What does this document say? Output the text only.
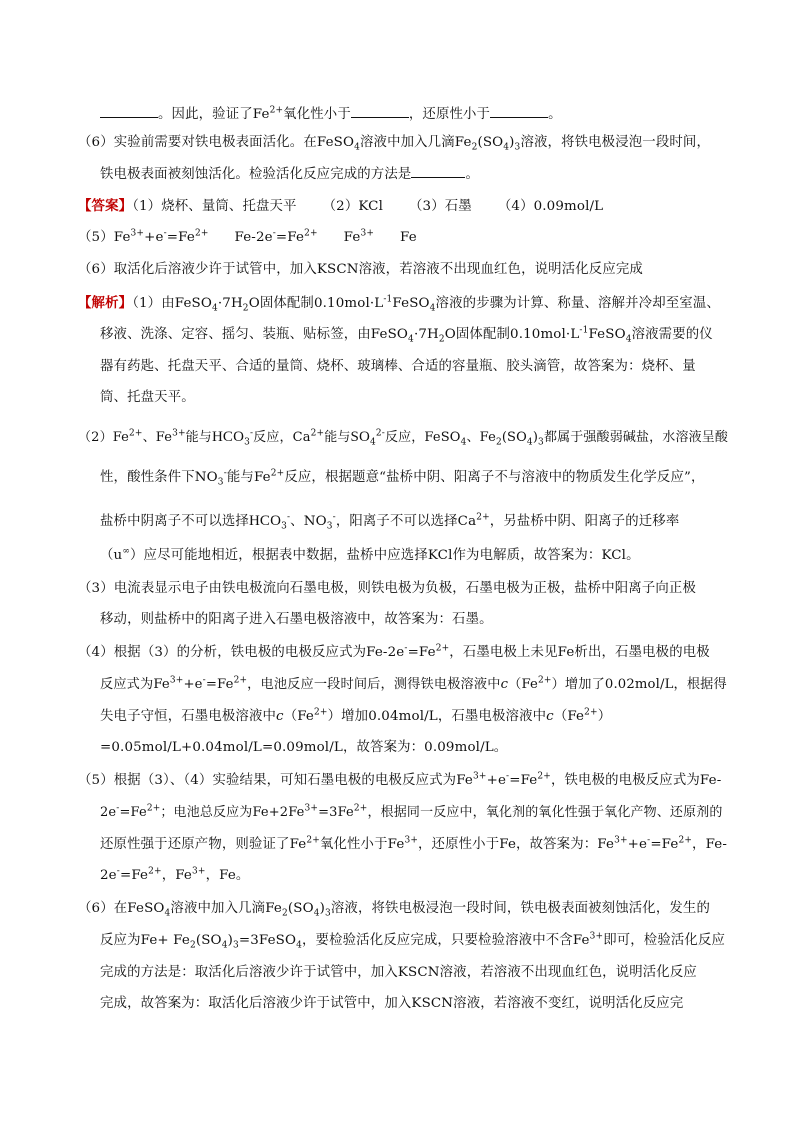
。因此，验证了$Fe^{2+}$氧化性小于	，还原性小于	。
（6）实验前需要对铁电极表面活化。在FeSO$_4$溶液中加入几滴$Fe_2(SO_4)_3$溶液，将铁电极浸泡一段时间，
铁电极表面被刻蚀活化。检验活化反应完成的方法是	。
【答案】（1）烧杯、量筒、托盘天平 （2）KCl （3）石墨 （4）0.09mol/L
$(5)Fe^{3+}+e^-=Fe^{2+}$ $Fe-2e^-=Fe^{2+}$ $Fe^{3+}$ Fe
（6）取活化后溶液少许于试管中，加入KSCN溶液，若溶液不出现血红色，说明活化反应完成
【解析】（1）由$FeSO_4\cdot 7H_2O$固体配制$0.10mol\cdot L^{-1}FeSO_4$溶液的步骤为计算、称量、溶解并冷却至室温、
移液、洗涤、定容、摇匀、装瓶、贴标签，由$FeSO_4\cdot 7H_2O$固体配制$0.10mol\cdot L^{-1}FeSO_4$溶液需要的仪
器有药匙、托盘天平、合适的量筒、烧杯、玻璃棒、合适的容量瓶、胶头滴管，故答案为：烧杯、量
筒、托盘天平。
$(2)Fe^{2+}$、$Fe^{3+}$能与$HCO_3^-$反应，$Ca^{2+}$能与$SO_4^{2-}$反应，FeSO$_4$、$Fe_2(SO_4)_3$都属于强酸弱碱盐，水溶液呈酸
性，酸性条件下$NO_3^-$能与$Fe^{2+}$反应，根据题意“盐桥中阴、阳离子不与溶液中的物质发生化学反应”，
盐桥中阴离子不可以选择$HCO_3^-$、$NO_3^-$，阳离子不可以选择$Ca^{2+}$，另盐桥中阴、阳离子的迁移率
（u∞）应尽可能地相近，根据表中数据，盐桥中应选择KCl作为电解质，故答案为：KCl。
（3）电流表显示电子由铁电极流向石墨电极，则铁电极为负极，石墨电极为正极，盐桥中阳离子向正极
移动，则盐桥中的阳离子进入石墨电极溶液中，故答案为：石墨。
（4）根据（3）的分析，铁电极的电极反应式为$Fe-2e^-=Fe^{2+}$，石墨电极上未见Fe析出，石墨电极的电极
反应式为$Fe^{3+}+e^-=Fe^{2+}$，电池反应一段时间后，测得铁电极溶液中$c(Fe^{2+})$增加了0.02mol/L，根据得
失电子守恒，石墨电极溶液中$c(Fe^{2+})$增加0.04mol/L，石墨电极溶液中$c(Fe^{2+})$
=0.05mol/L+0.04mol/L=0.09mol/L，故答案为：0.09mol/L。
（5）根据（3）、（4）实验结果，可知石墨电极的电极反应式为$Fe^{3+}+e^-=Fe^{2+}$，铁电极的电极反应式为Fe-
$2e^-=Fe^{2+}$；电池总反应为$Fe+2Fe^{3+}=3Fe^{2+}$，根据同一反应中，氧化剂的氧化性强于氧化产物、还原剂的
还原性强于还原产物，则验证了$Fe^{2+}$氧化性小于$Fe^{3+}$，还原性小于Fe，故答案为：$Fe^{3+}+e^-=Fe^{2+}$，Fe-
$2e^-=Fe^{2+}$，$Fe^{3+}$，Fe。
（6）在FeSO$_4$溶液中加入几滴$Fe_2(SO_4)_3$溶液，将铁电极浸泡一段时间，铁电极表面被刻蚀活化，发生的
反应为$Fe+ Fe_2(SO_4)_3=3FeSO_4$，要检验活化反应完成，只要检验溶液中不含$Fe^{3+}$即可，检验活化反应
完成的方法是：取活化后溶液少许于试管中，加入KSCN溶液，若溶液不出现血红色，说明活化反应
完成，故答案为：取活化后溶液少许于试管中，加入KSCN溶液，若溶液不变红，说明活化反应完
